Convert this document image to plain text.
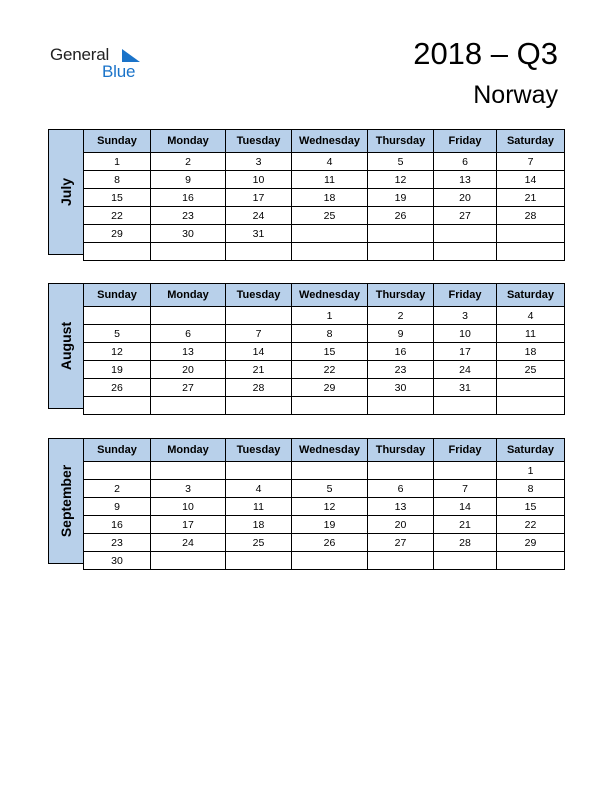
General
Blue
2018 – Q3
Norway
July
Sunday	Monday	Tuesday	Wednesday	Thursday	Friday	Saturday
1	2	3	4	5	6	7
8	9	10	11	12	13	14
15	16	17	18	19	20	21
22	23	24	25	26	27	28
29	30	31				

August
Sunday	Monday	Tuesday	Wednesday	Thursday	Friday	Saturday
			1	2	3	4
5	6	7	8	9	10	11
12	13	14	15	16	17	18
19	20	21	22	23	24	25
26	27	28	29	30	31	

September
Sunday	Monday	Tuesday	Wednesday	Thursday	Friday	Saturday
						1
2	3	4	5	6	7	8
9	10	11	12	13	14	15
16	17	18	19	20	21	22
23	24	25	26	27	28	29
30						
